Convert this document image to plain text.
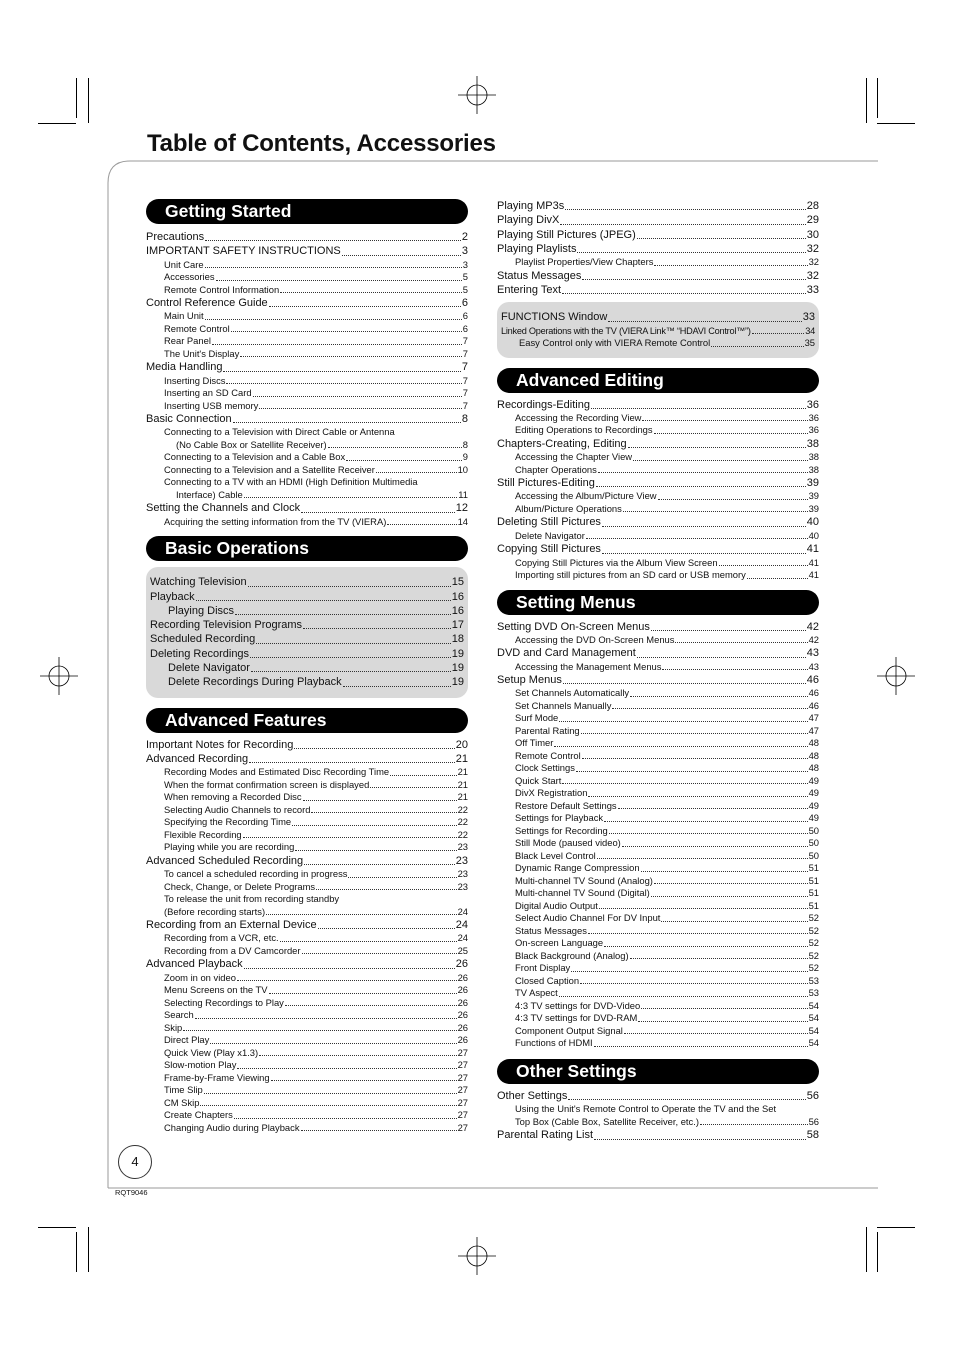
Table of Contents, Accessories
Getting Started
Precautions	2
IMPORTANT SAFETY INSTRUCTIONS	3
Unit Care	3
Accessories	5
Remote Control Information	5
Control Reference Guide	6
Main Unit	6
Remote Control	6
Rear Panel	7
The Unit's Display	7
Media Handling	7
Inserting Discs	7
Inserting an SD Card	7
Inserting USB memory	7
Basic Connection	8
Connecting to a Television with Direct Cable or Antenna
(No Cable Box or Satellite Receiver)	8
Connecting to a Television and a Cable Box	9
Connecting to a Television and a Satellite Receiver	10
Connecting to a TV with an HDMI (High Definition Multimedia
Interface) Cable	11
Setting the Channels and Clock	12
Acquiring the setting information from the TV (VIERA)	14
Basic Operations
Watching Television	15
Playback	16
Playing Discs	16
Recording Television Programs	17
Scheduled Recording	18
Deleting Recordings	19
Delete Navigator	19
Delete Recordings During Playback	19
Advanced Features
Important Notes for Recording	20
Advanced Recording	21
Recording Modes and Estimated Disc Recording Time	21
When the format confirmation screen is displayed	21
When removing a Recorded Disc	21
Selecting Audio Channels to record	22
Specifying the Recording Time	22
Flexible Recording	22
Playing while you are recording	23
Advanced Scheduled Recording	23
To cancel a scheduled recording in progress	23
Check, Change, or Delete Programs	23
To release the unit from recording standby
(Before recording starts)	24
Recording from an External Device	24
Recording from a VCR, etc.	24
Recording from a DV Camcorder	25
Advanced Playback	26
Zoom in on video	26
Menu Screens on the TV	26
Selecting Recordings to Play	26
Search	26
Skip	26
Direct Play	26
Quick View (Play x1.3)	27
Slow-motion Play	27
Frame-by-Frame Viewing	27
Time Slip	27
CM Skip	27
Create Chapters	27
Changing Audio during Playback	27
Playing MP3s	28
Playing DivX	29
Playing Still Pictures (JPEG)	30
Playing Playlists	32
Playlist Properties/View Chapters	32
Status Messages	32
Entering Text	33
FUNCTIONS Window	33
Linked Operations with the TV (VIERA Link™ “HDAVI Control™”)	34
Easy Control only with VIERA Remote Control	35
Advanced Editing
Recordings-Editing	36
Accessing the Recording View	36
Editing Operations to Recordings	36
Chapters-Creating, Editing	38
Accessing the Chapter View	38
Chapter Operations	38
Still Pictures-Editing	39
Accessing the Album/Picture View	39
Album/Picture Operations	39
Deleting Still Pictures	40
Delete Navigator	40
Copying Still Pictures	41
Copying Still Pictures via the Album View Screen	41
Importing still pictures from an SD card or USB memory	41
Setting Menus
Setting DVD On-Screen Menus	42
Accessing the DVD On-Screen Menus	42
DVD and Card Management	43
Accessing the Management Menus	43
Setup Menus	46
Set Channels Automatically	46
Set Channels Manually	46
Surf Mode	47
Parental Rating	47
Off Timer	48
Remote Control	48
Clock Settings	48
Quick Start	49
DivX Registration	49
Restore Default Settings	49
Settings for Playback	49
Settings for Recording	50
Still Mode (paused video)	50
Black Level Control	50
Dynamic Range Compression	51
Multi-channel TV Sound (Analog)	51
Multi-channel TV Sound (Digital)	51
Digital Audio Output	51
Select Audio Channel For DV Input	52
Status Messages	52
On-screen Language	52
Black Background (Analog)	52
Front Display	52
Closed Caption	53
TV Aspect	53
4:3 TV settings for DVD-Video	54
4:3 TV settings for DVD-RAM	54
Component Output Signal	54
Functions of HDMI	54
Other Settings
Other Settings	56
Using the Unit's Remote Control to Operate the TV and the Set
Top Box (Cable Box, Satellite Receiver, etc.)	56
Parental Rating List	58
4
RQT9046
